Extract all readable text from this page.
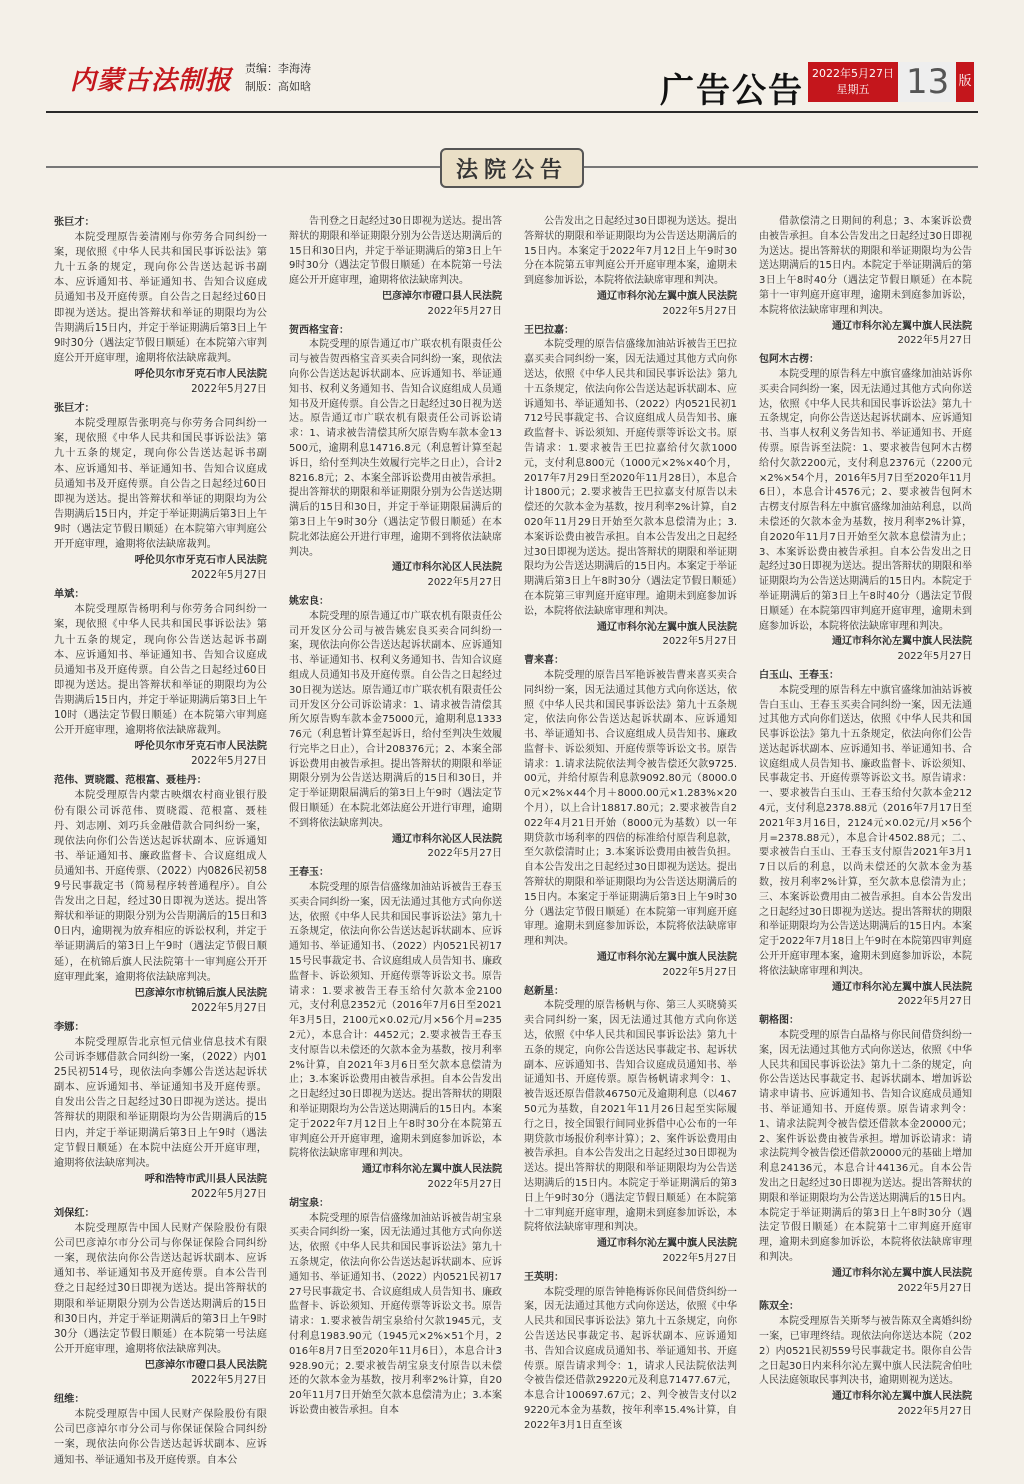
内蒙古法制报 责编：李海涛
制版：高如晗	广告公告 2022年5月27日
星期五	13 版
法院公告

张巨才：

本院受理原告姜清刚与你劳务合同纠纷一案，现依照《中华人民共和国民事诉讼法》第九十五条的规定，现向你公告送达起诉书副本、应诉通知书、举证通知书、告知合议庭成员通知书及开庭传票。自公告之日起经过60日即视为送达。提出答辩状和举证的期限均为公告期满后15日内，并定于举证期满后第3日上午9时30分（遇法定节假日顺延）在本院第六审判庭公开开庭审理，逾期将依法缺席裁判。

呼伦贝尔市牙克石市人民法院

2022年5月27日

张巨才：

本院受理原告张明亮与你劳务合同纠纷一案，现依照《中华人民共和国民事诉讼法》第九十五条的规定，现向你公告送达起诉书副本、应诉通知书、举证通知书、告知合议庭成员通知书及开庭传票。自公告之日起经过60日即视为送达。提出答辩状和举证的期限均为公告期满后15日内，并定于举证期满后第3日上午9时（遇法定节假日顺延）在本院第六审判庭公开开庭审理，逾期将依法缺席裁判。

呼伦贝尔市牙克石市人民法院

2022年5月27日

单斌：

本院受理原告杨明利与你劳务合同纠纷一案，现依照《中华人民共和国民事诉讼法》第九十五条的规定，现向你公告送达起诉书副本、应诉通知书、举证通知书、告知合议庭成员通知书及开庭传票。自公告之日起经过60日即视为送达。提出答辩状和举证的期限均为公告期满后15日内，并定于举证期满后第3日上午10时（遇法定节假日顺延）在本院第六审判庭公开开庭审理，逾期将依法缺席裁判。

呼伦贝尔市牙克石市人民法院

2022年5月27日

范伟、贾晓霞、范根富、聂桂丹：

本院受理原告内蒙古映烟农村商业银行股份有限公司诉范伟、贾晓霞、范根富、聂桂丹、刘志刚、刘巧兵金融借款合同纠纷一案，现依法向你们公告送达起诉状副本、应诉通知书、举证通知书、廉政监督卡、合议庭组成人员通知书、开庭传票、（2022）内0826民初589号民事裁定书（简易程序转普通程序）。自公告发出之日起，经过30日即视为送达。提出答辩状和举证的期限分别为公告期满后的15日和30日内，逾期视为放弃相应的诉讼权利，并定于举证期满后的第3日上午9时（遇法定节假日顺延），在杭锦后旗人民法院第十一审判庭公开开庭审理此案，逾期将依法缺席判决。

巴彦淖尔市杭锦后旗人民法院

2022年5月27日

李娜：

本院受理原告北京恒元信业信息技术有限公司诉李娜借款合同纠纷一案，（2022）内0125民初514号，现依法向李娜公告送达起诉状副本、应诉通知书、举证通知书及开庭传票。自发出公告之日起经过30日即视为送达。提出答辩状的期限和举证期限均为公告期满后的15日内，并定于举证期满后第3日上午9时（遇法定节假日顺延）在本院中法庭公开开庭审理，逾期将依法缺席判决。

呼和浩特市武川县人民法院

2022年5月27日

刘保红：

本院受理原告中国人民财产保险股份有限公司巴彦淖尔市分公司与你保证保险合同纠纷一案，现依法向你公告送达起诉状副本、应诉通知书、举证通知书及开庭传票。自本公告刊登之日起经过30日即视为送达。提出答辩状的期限和举证期限分别为公告送达期满后的15日和30日内，并定于举证期满后的第3日上午9时30分（遇法定节假日顺延）在本院第一号法庭公开开庭审理，逾期将依法缺席判决。

巴彦淖尔市磴口县人民法院

2022年5月27日

纽维：

本院受理原告中国人民财产保险股份有限公司巴彦淖尔市分公司与你保证保险合同纠纷一案，现依法向你公告送达起诉状副本、应诉通知书、举证通知书及开庭传票。自本公

告刊登之日起经过30日即视为送达。提出答辩状的期限和举证期限分别为公告送达期满后的15日和30日内，并定于举证期满后的第3日上午9时30分（遇法定节假日顺延）在本院第一号法庭公开开庭审理，逾期将依法缺席判决。

巴彦淖尔市磴口县人民法院

2022年5月27日

贺西格宝音：

本院受理的原告通辽市广联农机有限责任公司与被告贺西格宝音买卖合同纠纷一案，现依法向你公告送达起诉状副本、应诉通知书、举证通知书、权利义务通知书、告知合议庭组成人员通知书及开庭传票。自公告之日起经过30日视为送达。原告通辽市广联农机有限责任公司诉讼请求：1、请求被告清偿其所欠原告购车款本金13500元，逾期利息14716.8元（利息暂计算至起诉日，给付至判决生效履行完毕之日止），合计28216.8元；2、本案全部诉讼费用由被告承担。提出答辩状的期限和举证期限分别为公告送达期满后的15日和30日，并定于举证期限届满后的第3日上午9时30分（遇法定节假日顺延）在本院北郊法庭公开进行审理，逾期不到将依法缺席判决。

通辽市科尔沁区人民法院

2022年5月27日

姚宏良：

本院受理的原告通辽市广联农机有限责任公司开发区分公司与被告姚宏良买卖合同纠纷一案，现依法向你公告送达起诉状副本、应诉通知书、举证通知书、权利义务通知书、告知合议庭组成人员通知书及开庭传票。自公告之日起经过30日视为送达。原告通辽市广联农机有限责任公司开发区分公司诉讼请求：1、请求被告清偿其所欠原告购车款本金75000元，逾期利息133376元（利息暂计算至起诉日，给付至判决生效履行完毕之日止），合计208376元；2、本案全部诉讼费用由被告承担。提出答辩状的期限和举证期限分别为公告送达期满后的15日和30日，并定于举证期限届满后的第3日上午9时（遇法定节假日顺延）在本院北郊法庭公开进行审理，逾期不到将依法缺席判决。

通辽市科尔沁区人民法院

2022年5月27日

王春玉：

本院受理的原告信盛缘加油站诉被告王春玉买卖合同纠纷一案，因无法通过其他方式向你送达，依照《中华人民共和国民事诉讼法》第九十五条规定，依法向你公告送达起诉状副本、应诉通知书、举证通知书、（2022）内0521民初1715号民事裁定书、合议庭组成人员告知书、廉政监督卡、诉讼须知、开庭传票等诉讼文书。原告请求：1.要求被告王春玉给付欠款本金2100元，支付利息2352元（2016年7月6日至2021年3月5日，2100元×0.02元/月×56个月=2352元），本息合计：4452元；2.要求被告王春玉支付原告以未偿还的欠款本金为基数，按月利率2%计算，自2021年3月6日至欠款本息偿清为止；3.本案诉讼费用由被告承担。自本公告发出之日起经过30日即视为送达。提出答辩状的期限和举证期限均为公告送达期满后的15日内。本案定于2022年7月12日上午8时30分在本院第五审判庭公开开庭审理，逾期未到庭参加诉讼，本院将依法缺席审理和判决。

通辽市科尔沁左翼中旗人民法院

2022年5月27日

胡宝泉：

本院受理的原告信盛缘加油站诉被告胡宝泉买卖合同纠纷一案，因无法通过其他方式向你送达，依照《中华人民共和国民事诉讼法》第九十五条规定，依法向你公告送达起诉状副本、应诉通知书、举证通知书、（2022）内0521民初1727号民事裁定书、合议庭组成人员告知书、廉政监督卡、诉讼须知、开庭传票等诉讼文书。原告请求：1.要求被告胡宝泉给付欠款1945元，支付利息1983.90元（1945元×2%×51个月，2016年8月7日至2020年11月6日），本息合计3928.90元；2.要求被告胡宝泉支付原告以未偿还的欠款本金为基数，按月利率2%计算，自2020年11月7日开始至欠款本息偿清为止；3.本案诉讼费由被告承担。自本

公告发出之日起经过30日即视为送达。提出答辩状的期限和举证期限均为公告送达期满后的15日内。本案定于2022年7月12日上午9时30分在本院第五审判庭公开开庭审理本案，逾期未到庭参加诉讼，本院将依法缺席审理和判决。

通辽市科尔沁左翼中旗人民法院

2022年5月27日

王巴拉嘉：

本院受理的原告信盛缘加油站诉被告王巴拉嘉买卖合同纠纷一案，因无法通过其他方式向你送达，依照《中华人民共和国民事诉讼法》第九十五条规定，依法向你公告送达起诉状副本、应诉通知书、举证通知书、（2022）内0521民初1712号民事裁定书、合议庭组成人员告知书、廉政监督卡、诉讼须知、开庭传票等诉讼文书。原告请求：1.要求被告王巴拉嘉给付欠款1000元，支付利息800元（1000元×2%×40个月，2017年7月29日至2020年11月28日），本息合计1800元；2.要求被告王巴拉嘉支付原告以未偿还的欠款本金为基数，按月利率2%计算，自2020年11月29日开始至欠款本息偿清为止；3.本案诉讼费由被告承担。自本公告发出之日起经过30日即视为送达。提出答辩状的期限和举证期限均为公告送达期满后的15日内。本案定于举证期满后第3日上午8时30分（遇法定节假日顺延）在本院第三审判庭开庭审理。逾期未到庭参加诉讼，本院将依法缺席审理和判决。

通辽市科尔沁左翼中旗人民法院

2022年5月27日

曹来喜：

本院受理的原告吕军艳诉被告曹来喜买卖合同纠纷一案，因无法通过其他方式向你送达，依照《中华人民共和国民事诉讼法》第九十五条规定，依法向你公告送达起诉状副本、应诉通知书、举证通知书、合议庭组成人员告知书、廉政监督卡、诉讼须知、开庭传票等诉讼文书。原告请求：1.请求法院依法判令被告偿还欠款9725.00元，并给付原告利息款9092.80元（8000.00元×2%×44个月＋8000.00元×1.283%×20个月），以上合计18817.80元；2.要求被告自2022年4月21日开始（8000元为基数）以一年期贷款市场利率的四倍的标准给付原告利息款，至欠款偿清时止；3.本案诉讼费用由被告负担。自本公告发出之日起经过30日即视为送达。提出答辩状的期限和举证期限均为公告送达期满后的15日内。本案定于举证期满后第3日上午9时30分（遇法定节假日顺延）在本院第一审判庭开庭审理。逾期未到庭参加诉讼，本院将依法缺席审理和判决。

通辽市科尔沁左翼中旗人民法院

2022年5月27日

赵新星：

本院受理的原告杨帆与你、第三人买晓骑买卖合同纠纷一案，因无法通过其他方式向你送达，依照《中华人民共和国民事诉讼法》第九十五条的规定，向你公告送达民事裁定书、起诉状副本、应诉通知书、告知合议庭成员通知书、举证通知书、开庭传票。原告杨帆请求判令：1、被告返还原告借款46750元及逾期利息（以46750元为基数，自2021年11月26日起至实际履行之日，按全国银行间同业拆借中心公布的一年期贷款市场报价利率计算）；2、案件诉讼费用由被告承担。自本公告发出之日起经过30日即视为送达。提出答辩状的期限和举证期限均为公告送达期满后的15日内。本院定于举证期满后的第3日上午9时30分（遇法定节假日顺延）在本院第十二审判庭开庭审理，逾期未到庭参加诉讼，本院将依法缺席审理和判决。

通辽市科尔沁左翼中旗人民法院

2022年5月27日

王英明：

本院受理的原告钟艳梅诉你民间借贷纠纷一案，因无法通过其他方式向你送达，依照《中华人民共和国民事诉讼法》第九十五条规定，向你公告送达民事裁定书、起诉状副本、应诉通知书、告知合议庭成员通知书、举证通知书、开庭传票。原告请求判令：1，请求人民法院依法判令被告偿还借款29220元及利息71477.67元，本息合计100697.67元；2、判令被告支付以29220元本金为基数，按年利率15.4%计算，自2022年3月1日直至该

借款偿清之日期间的利息；3、本案诉讼费由被告承担。自本公告发出之日起经过30日即视为送达。提出答辩状的期限和举证期限均为公告送达期满后的15日内。本院定于举证期满后的第3日上午8时40分（遇法定节假日顺延）在本院第十一审判庭开庭审理，逾期未到庭参加诉讼，本院将依法缺席审理和判决。

通辽市科尔沁左翼中旗人民法院

2022年5月27日

包阿木古楞：

本院受理的原告科左中旗官盛缘加油站诉你买卖合同纠纷一案，因无法通过其他方式向你送达，依照《中华人民共和国民事诉讼法》第九十五条规定，向你公告送达起诉状副本、应诉通知书、当事人权利义务告知书、举证通知书、开庭传票。原告诉至法院：1、要求被告包阿木古楞给付欠款2200元，支付利息2376元（2200元×2%×54个月，2016年5月7日至2020年11月6日），本息合计4576元；2、要求被告包阿木古楞支付原告科左中旗官盛缘加油站利息，以尚未偿还的欠款本金为基数，按月利率2%计算，自2020年11月7日开始至欠款本息偿清为止；3、本案诉讼费由被告承担。自本公告发出之日起经过30日即视为送达。提出答辩状的期限和举证期限均为公告送达期满后的15日内。本院定于举证期满后的第3日上午8时40分（遇法定节假日顺延）在本院第四审判庭开庭审理，逾期未到庭参加诉讼，本院将依法缺席审理和判决。

通辽市科尔沁左翼中旗人民法院

2022年5月27日

白玉山、王春玉：

本院受理的原告科左中旗官盛缘加油站诉被告白玉山、王春玉买卖合同纠纷一案，因无法通过其他方式向你们送达，依照《中华人民共和国民事诉讼法》第九十五条规定，依法向你们公告送达起诉状副本、应诉通知书、举证通知书、合议庭组成人员告知书、廉政监督卡、诉讼须知、民事裁定书、开庭传票等诉讼文书。原告请求：一、要求被告白玉山、王春玉给付欠款本金2124元，支付利息2378.88元（2016年7月17日至2021年3月16日，2124元×0.02元/月×56个月=2378.88元），本息合计4502.88元；二、要求被告白玉山、王春玉支付原告2021年3月17日以后的利息，以尚未偿还的欠款本金为基数，按月利率2%计算，至欠款本息偿清为止；三、本案诉讼费用由二被告承担。自本公告发出之日起经过30日即视为送达。提出答辩状的期限和举证期限均为公告送达期满后的15日内。本案定于2022年7月18日上午9时在本院第四审判庭公开开庭审理本案，逾期未到庭参加诉讼，本院将依法缺席审理和判决。

通辽市科尔沁左翼中旗人民法院

2022年5月27日

朝格图：

本院受理的原告白晶格与你民间借贷纠纷一案，因无法通过其他方式向你送达，依照《中华人民共和国民事诉讼法》第九十二条的规定，向你公告送达民事裁定书、起诉状副本、增加诉讼请求申请书、应诉通知书、告知合议庭成员通知书、举证通知书、开庭传票。原告请求判令：1、请求法院判令被告偿还借款本金20000元；2、案件诉讼费由被告承担。增加诉讼请求：请求法院判令被告偿还借款20000元的基础上增加利息24136元，本息合计44136元。自本公告发出之日起经过30日即视为送达。提出答辩状的期限和举证期限均为公告送达期满后的15日内。本院定于举证期满后的第3日上午8时30分（遇法定节假日顺延）在本院第十二审判庭开庭审理，逾期未到庭参加诉讼，本院将依法缺席审理和判决。

通辽市科尔沁左翼中旗人民法院

2022年5月27日

陈双全：

本院受理原告关斯琴与被告陈双全离婚纠纷一案，已审理终结。现依法向你送达本院（2022）内0521民初559号民事裁定书。限你自公告之日起30日内来科尔沁左翼中旗人民法院舍伯吐人民法庭领取民事判决书，逾期则视为送达。

通辽市科尔沁左翼中旗人民法院

2022年5月27日
